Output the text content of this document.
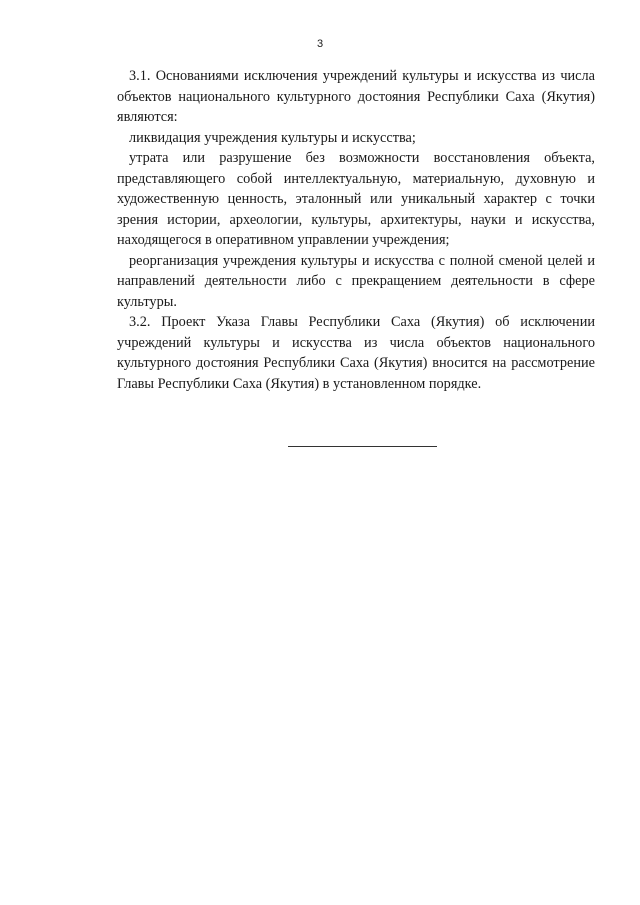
3

3.1. Основаниями исключения учреждений культуры и искусства из числа объектов национального культурного достояния Республики Саха (Якутия) являются:

ликвидация учреждения культуры и искусства;

утрата или разрушение без возможности восстановления объекта, представляющего собой интеллектуальную, материальную, духовную и художественную ценность, эталонный или уникальный характер с точки зрения истории, археологии, культуры, архитектуры, науки и искусства, находящегося в оперативном управлении учреждения;

реорганизация учреждения культуры и искусства с полной сменой целей и направлений деятельности либо с прекращением деятельности в сфере культуры.

3.2. Проект Указа Главы Республики Саха (Якутия) об исключении учреждений культуры и искусства из числа объектов национального культурного достояния Республики Саха (Якутия) вносится на рассмотрение Главы Республики Саха (Якутия) в установленном порядке.
